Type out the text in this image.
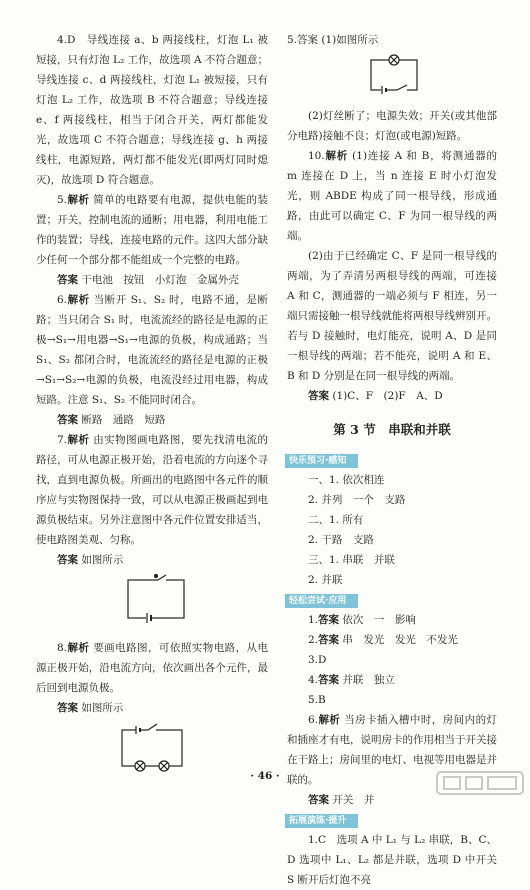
4.D　导线连接 a、b 两接线柱，灯泡 L₁ 被短接，只有灯泡 L₂ 工作，故选项 A 不符合题意；导线连接 c、d 两接线柱，灯泡 L₁ 被短接，只有灯泡 L₂ 工作，故选项 B 不符合题意；导线连接 e、f 两接线柱，相当于闭合开关，两灯都能发光，故选项 C 不符合题意；导线连接 g、h 两接线柱，电源短路，两灯都不能发光(即两灯同时熄灭)，故选项 D 符合题意。

5.解析 简单的电路要有电源，提供电能的装置；开关，控制电流的通断；用电器，利用电能工作的装置；导线，连接电路的元件。这四大部分缺少任何一个部分都不能组成一个完整的电路。

答案 干电池　按钮　小灯泡　金属外壳

6.解析 当断开 S₁、S₂ 时，电路不通，是断路；当只闭合 S₁ 时，电流流经的路径是电源的正极→S₁→用电器→S₁→电源的负极，构成通路；当 S₁、S₂ 都闭合时，电流流经的路径是电源的正极→S₁→S₂→电源的负极，电流没经过用电器，构成短路。注意 S₁、S₂ 不能同时闭合。

答案 断路　通路　短路

7.解析 由实物图画电路图，要先找清电流的路径，可从电源正极开始，沿着电流的方向逐个寻找，直到电源负极。所画出的电路图中各元件的顺序应与实物图保持一致，可以从电源正极画起到电源负极结束。另外注意图中各元件位置安排适当，使电路图美观、匀称。

答案 如图所示

8.解析 要画电路图，可依照实物电路，从电源正极开始，沿电流方向，依次画出各个元件，最后回到电源负极。

答案 如图所示

5.答案 (1)如图所示

(2)灯丝断了；电源失效；开关(或其他部分电路)接触不良；灯泡(或电源)短路。

10.解析 (1)连接 A 和 B，将测通器的 m 连接在 D 上，当 n 连接 E 时小灯泡发光，则 ABDE 构成了同一根导线，形成通路，由此可以确定 C、F 为同一根导线的两端。

(2)由于已经确定 C、F 是同一根导线的两端，为了弄清另两根导线的两端，可连接 A 和 C，测通器的一端必须与 F 相连，另一端只需接触一根导线就能将两根导线辨别开。若与 D 接触时，电灯能亮，说明 A、D 是同一根导线的两端；若不能亮，说明 A 和 E、B 和 D 分别是在同一根导线的两端。

答案 (1)C、F　(2)F　A、D

第 3 节　串联和并联
快乐预习·感知

一、1. 依次相连

2. 并列　一个　支路

二、1. 所有

2. 干路　支路

三、1. 串联　并联

2. 并联

轻松尝试·应用

1.答案 依次　一　影响

2.答案 串　发光　发光　不发光

3.D

4.答案 并联　独立

5.B

6.解析 当房卡插入槽中时，房间内的灯和插座才有电，说明房卡的作用相当于开关接在干路上；房间里的电灯、电视等用电器是并联的。

答案 开关　并

拓展演练·提升

1.C　 选项 A 中 L₁ 与 L₂ 串联，B、C、D 选项中 L₁、L₂ 都是并联，选项 D 中开关 S 断开后灯泡不亮

· 46 ·
